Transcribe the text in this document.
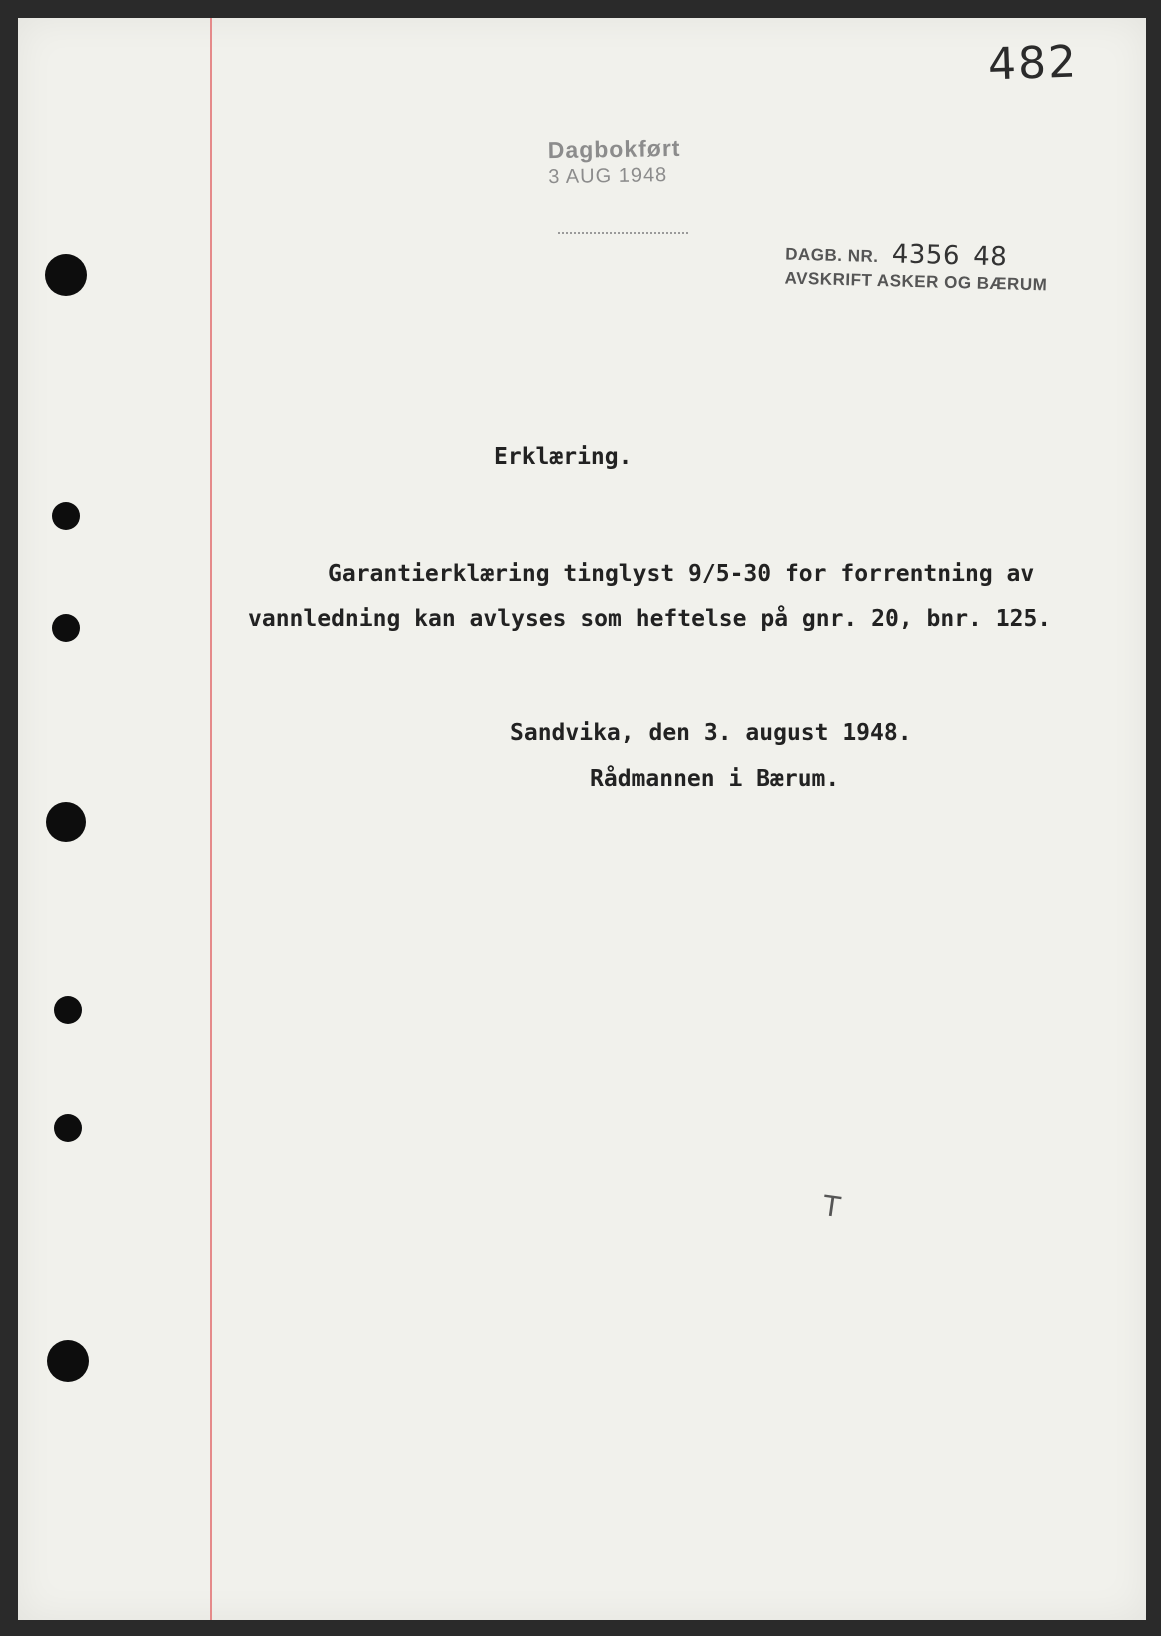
482
Dagbokført
3 AUG 1948
DAGB. NR. 4356 48
AVSKRIFT ASKER OG BÆRUM
Erklæring.
Garantierklæring tinglyst 9/5-30 for forrentning av
vannledning kan avlyses som heftelse på gnr. 20, bnr. 125.
Sandvika, den 3. august 1948.
Rådmannen i Bærum.
T
